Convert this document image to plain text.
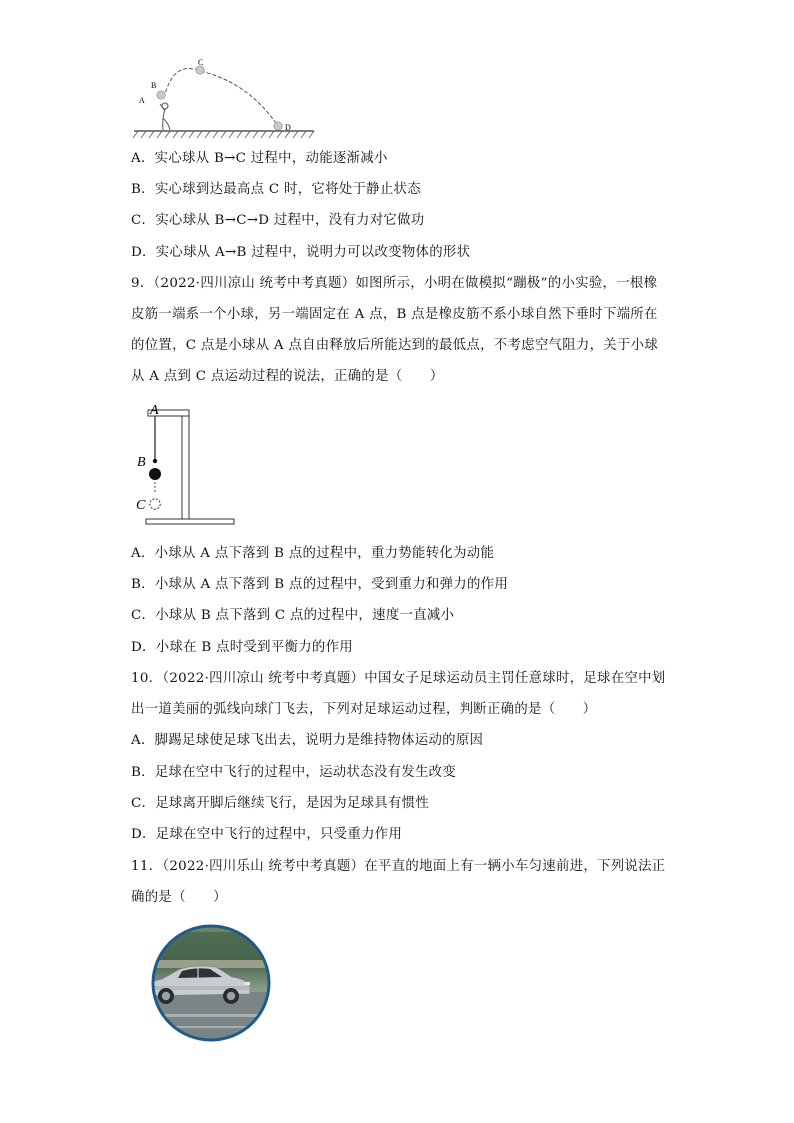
A
B
C
D
A．实心球从 B→C 过程中，动能逐渐减小
B．实心球到达最高点 C 时，它将处于静止状态
C．实心球从 B→C→D 过程中，没有力对它做功
D．实心球从 A→B 过程中，说明力可以改变物体的形状
9．（2022·四川凉山 统考中考真题）如图所示，小明在做模拟“蹦极”的小实验，一根橡
皮筋一端系一个小球，另一端固定在 A 点，B 点是橡皮筋不系小球自然下垂时下端所在
的位置，C 点是小球从 A 点自由释放后所能达到的最低点，不考虑空气阻力，关于小球
从 A 点到 C 点运动过程的说法，正确的是（　　）
A
B
C
A．小球从 A 点下落到 B 点的过程中，重力势能转化为动能
B．小球从 A 点下落到 B 点的过程中，受到重力和弹力的作用
C．小球从 B 点下落到 C 点的过程中，速度一直减小
D．小球在 B 点时受到平衡力的作用
10．（2022·四川凉山 统考中考真题）中国女子足球运动员主罚任意球时，足球在空中划
出一道美丽的弧线向球门飞去，下列对足球运动过程，判断正确的是（　　）
A．脚踢足球使足球飞出去，说明力是维持物体运动的原因
B．足球在空中飞行的过程中，运动状态没有发生改变
C．足球离开脚后继续飞行，是因为足球具有惯性
D．足球在空中飞行的过程中，只受重力作用
11．（2022·四川乐山 统考中考真题）在平直的地面上有一辆小车匀速前进，下列说法正
确的是（　　）
